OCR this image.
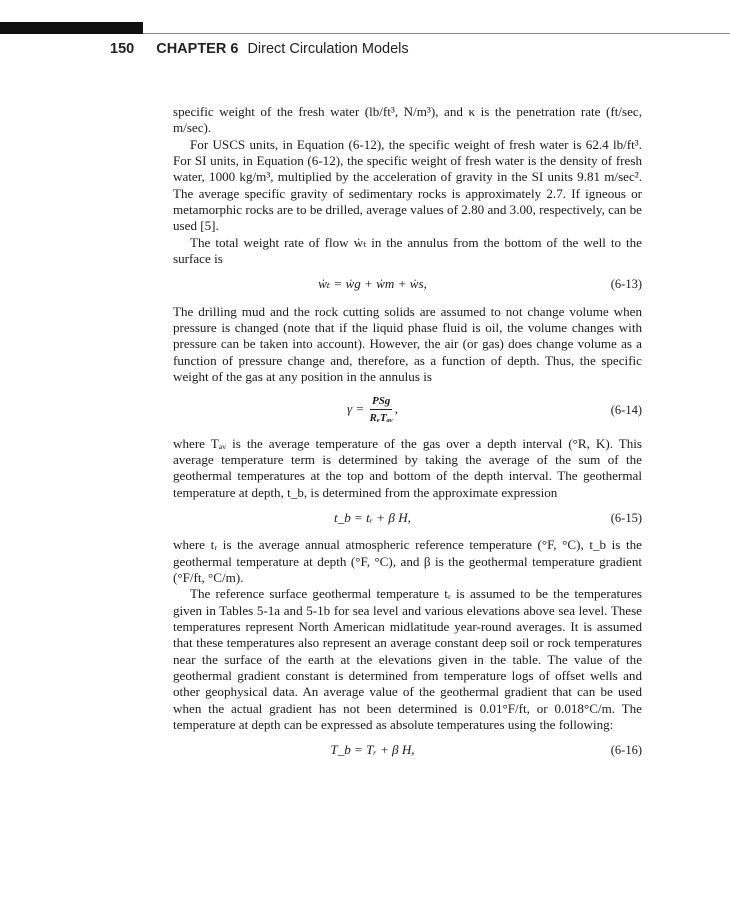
150 CHAPTER 6 Direct Circulation Models

specific weight of the fresh water (lb/ft³, N/m³), and κ is the penetration rate (ft/sec, m/sec).

For USCS units, in Equation (6-12), the specific weight of fresh water is 62.4 lb/ft³. For SI units, in Equation (6-12), the specific weight of fresh water is the density of fresh water, 1000 kg/m³, multiplied by the acceleration of gravity in the SI units 9.81 m/sec². The average specific gravity of sedimentary rocks is approximately 2.7. If igneous or metamorphic rocks are to be drilled, average values of 2.80 and 3.00, respectively, can be used [5].

The total weight rate of flow ẇₜ in the annulus from the bottom of the well to the surface is

ẇₜ = ẇg + ẇm + ẇs,	(6-13)

The drilling mud and the rock cutting solids are assumed to not change volume when pressure is changed (note that if the liquid phase fluid is oil, the volume changes with pressure can be taken into account). However, the air (or gas) does change volume as a function of pressure change and, therefore, as a function of depth. Thus, the specific weight of the gas at any position in the annulus is

γ = PSg
RₑTₐᵥ
,	(6-14)

where Tₐᵥ is the average temperature of the gas over a depth interval (°R, K). This average temperature term is determined by taking the average of the sum of the geothermal temperatures at the top and bottom of the depth interval. The geothermal temperature at depth, t_b, is determined from the approximate expression

t_b = tᵣ + β H,	(6-15)

where tᵣ is the average annual atmospheric reference temperature (°F, °C), t_b is the geothermal temperature at depth (°F, °C), and β is the geothermal temperature gradient (°F/ft, °C/m).

The reference surface geothermal temperature tᵣ is assumed to be the temperatures given in Tables 5-1a and 5-1b for sea level and various elevations above sea level. These temperatures represent North American midlatitude year-round averages. It is assumed that these temperatures also represent an average constant deep soil or rock temperatures near the surface of the earth at the elevations given in the table. The value of the geothermal gradient constant is determined from temperature logs of offset wells and other geophysical data. An average value of the geothermal gradient that can be used when the actual gradient has not been determined is 0.01°F/ft, or 0.018°C/m. The temperature at depth can be expressed as absolute temperatures using the following:

T_b = Tᵣ + β H,	(6-16)
